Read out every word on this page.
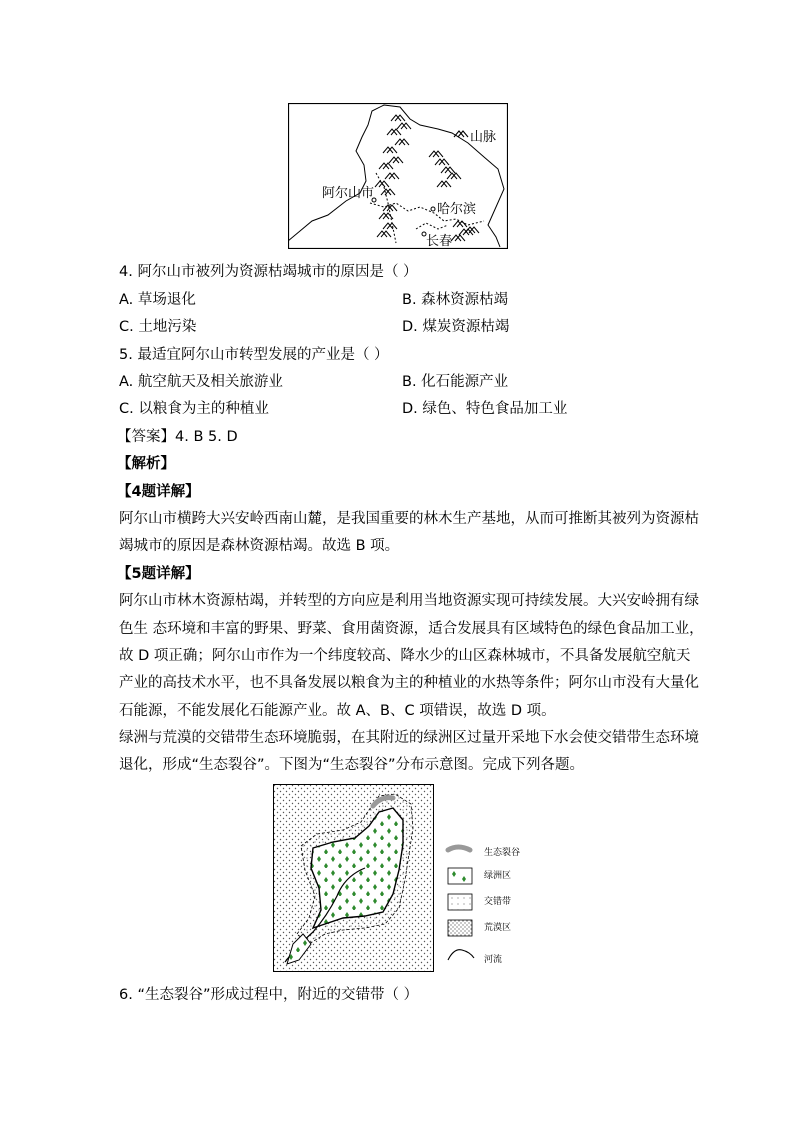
山脉
阿尔山市
哈尔滨
长春
4. 阿尔山市被列为资源枯竭城市的原因是（ ）
A. 草场退化	B. 森林资源枯竭
C. 土地污染	D. 煤炭资源枯竭
5. 最适宜阿尔山市转型发展的产业是（ ）
A. 航空航天及相关旅游业	B. 化石能源产业
C. 以粮食为主的种植业	D. 绿色、特色食品加工业
【答案】4. B 5. D
【解析】
【4题详解】
阿尔山市横跨大兴安岭西南山麓，是我国重要的林木生产基地，从而可推断其被列为资源枯
竭城市的原因是森林资源枯竭。故选 B 项。
【5题详解】
阿尔山市林木资源枯竭，并转型的方向应是利用当地资源实现可持续发展。大兴安岭拥有绿
色生 态环境和丰富的野果、野菜、食用菌资源，适合发展具有区域特色的绿色食品加工业，
故 D 项正确；阿尔山市作为一个纬度较高、降水少的山区森林城市，不具备发展航空航天
产业的高技术水平，也不具备发展以粮食为主的种植业的水热等条件；阿尔山市没有大量化
石能源，不能发展化石能源产业。故 A、B、C 项错误，故选 D 项。
绿洲与荒漠的交错带生态环境脆弱，在其附近的绿洲区过量开采地下水会使交错带生态环境
退化，形成“生态裂谷”。下图为“生态裂谷”分布示意图。完成下列各题。
生态裂谷
绿洲区
交错带
荒漠区
河流
6. “生态裂谷”形成过程中，附近的交错带（ ）
